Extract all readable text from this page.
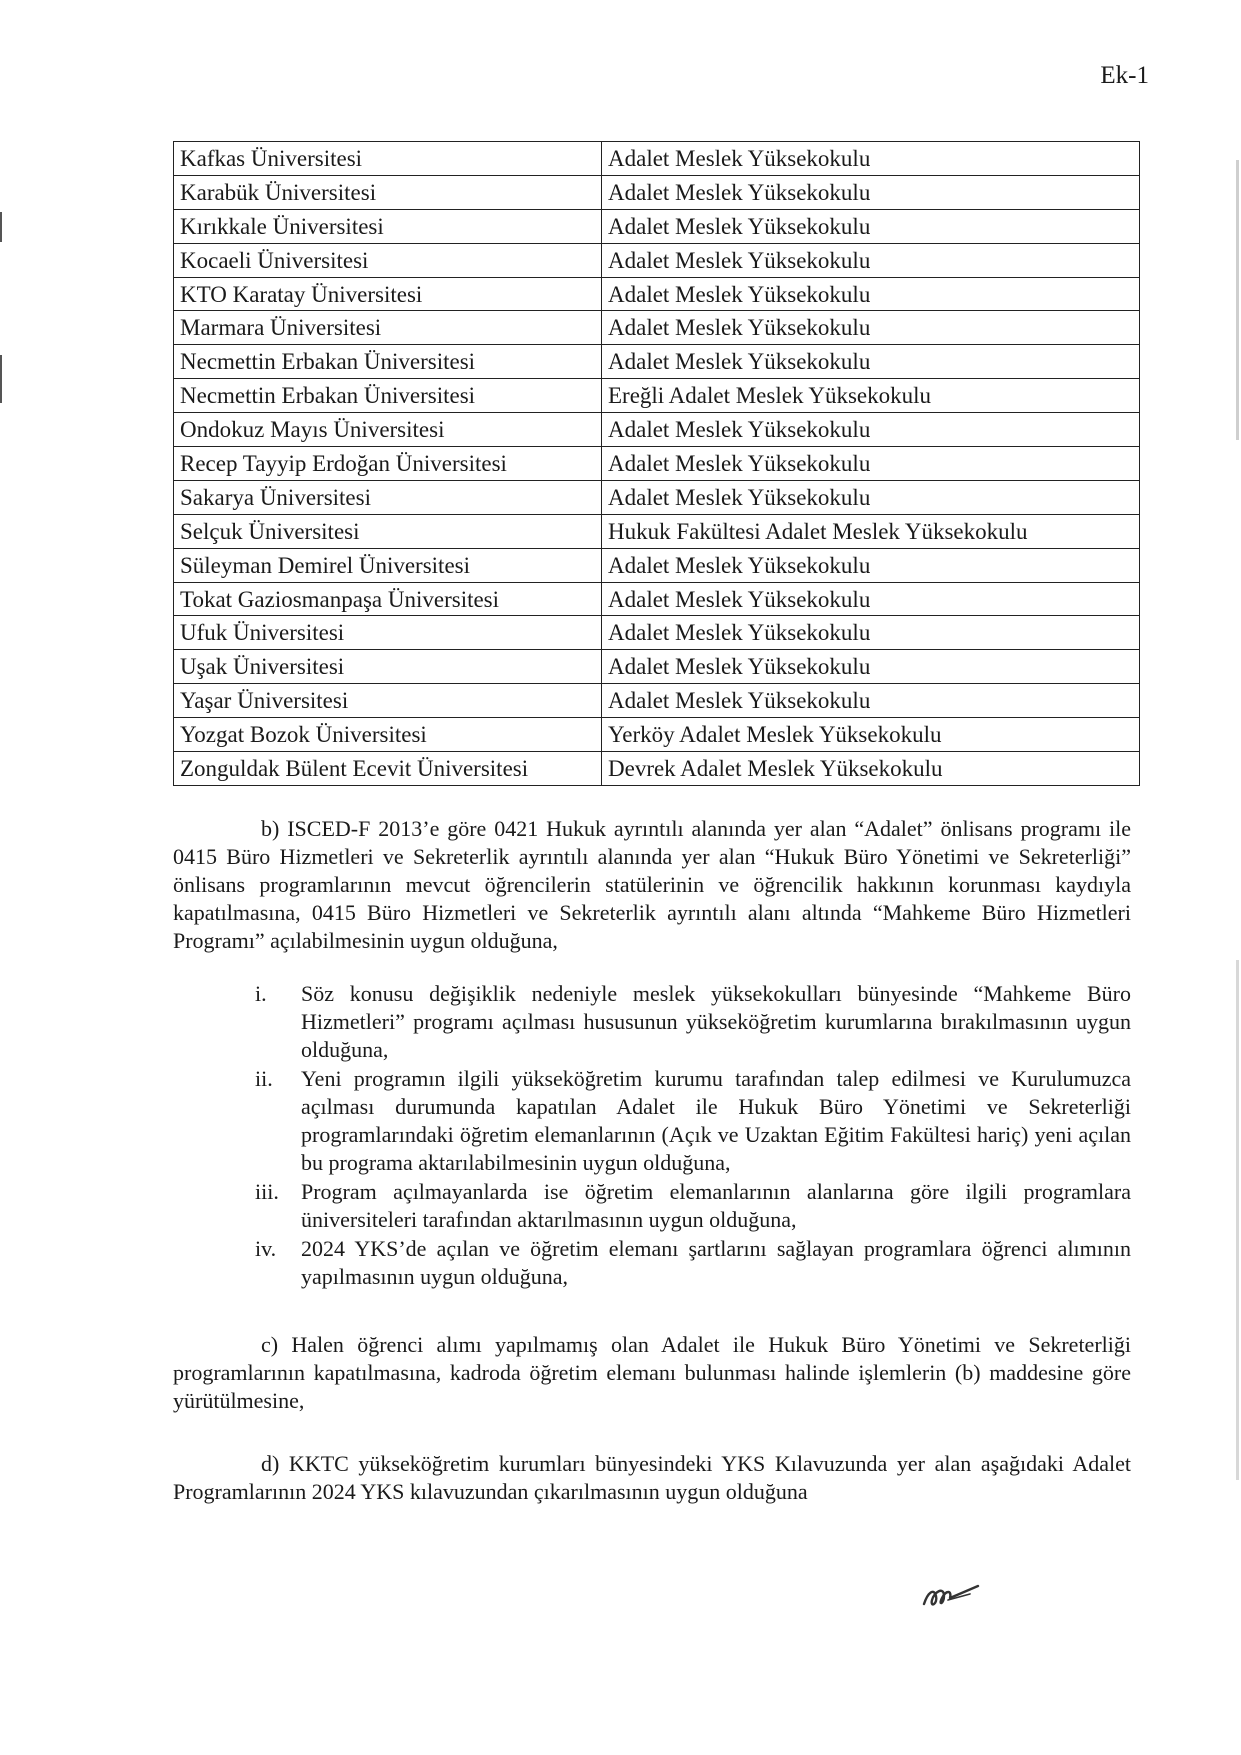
Ek-1
Kafkas Üniversitesi	Adalet Meslek Yüksekokulu
Karabük Üniversitesi	Adalet Meslek Yüksekokulu
Kırıkkale Üniversitesi	Adalet Meslek Yüksekokulu
Kocaeli Üniversitesi	Adalet Meslek Yüksekokulu
KTO Karatay Üniversitesi	Adalet Meslek Yüksekokulu
Marmara Üniversitesi	Adalet Meslek Yüksekokulu
Necmettin Erbakan Üniversitesi	Adalet Meslek Yüksekokulu
Necmettin Erbakan Üniversitesi	Ereğli Adalet Meslek Yüksekokulu
Ondokuz Mayıs Üniversitesi	Adalet Meslek Yüksekokulu
Recep Tayyip Erdoğan Üniversitesi	Adalet Meslek Yüksekokulu
Sakarya Üniversitesi	Adalet Meslek Yüksekokulu
Selçuk Üniversitesi	Hukuk Fakültesi Adalet Meslek Yüksekokulu
Süleyman Demirel Üniversitesi	Adalet Meslek Yüksekokulu
Tokat Gaziosmanpaşa Üniversitesi	Adalet Meslek Yüksekokulu
Ufuk Üniversitesi	Adalet Meslek Yüksekokulu
Uşak Üniversitesi	Adalet Meslek Yüksekokulu
Yaşar Üniversitesi	Adalet Meslek Yüksekokulu
Yozgat Bozok Üniversitesi	Yerköy Adalet Meslek Yüksekokulu
Zonguldak Bülent Ecevit Üniversitesi	Devrek Adalet Meslek Yüksekokulu
b) ISCED-F 2013’e göre 0421 Hukuk ayrıntılı alanında yer alan “Adalet” önlisans programı ile 0415 Büro Hizmetleri ve Sekreterlik ayrıntılı alanında yer alan “Hukuk Büro Yönetimi ve Sekreterliği” önlisans programlarının mevcut öğrencilerin statülerinin ve öğrencilik hakkının korunması kaydıyla kapatılmasına, 0415 Büro Hizmetleri ve Sekreterlik ayrıntılı alanı altında “Mahkeme Büro Hizmetleri Programı” açılabilmesinin uygun olduğuna,
i. Söz konusu değişiklik nedeniyle meslek yüksekokulları bünyesinde “Mahkeme Büro Hizmetleri” programı açılması hususunun yükseköğretim kurumlarına bırakılmasının uygun olduğuna,
ii. Yeni programın ilgili yükseköğretim kurumu tarafından talep edilmesi ve Kurulumuzca açılması durumunda kapatılan Adalet ile Hukuk Büro Yönetimi ve Sekreterliği programlarındaki öğretim elemanlarının (Açık ve Uzaktan Eğitim Fakültesi hariç) yeni açılan bu programa aktarılabilmesinin uygun olduğuna,
iii. Program açılmayanlarda ise öğretim elemanlarının alanlarına göre ilgili programlara üniversiteleri tarafından aktarılmasının uygun olduğuna,
iv. 2024 YKS’de açılan ve öğretim elemanı şartlarını sağlayan programlara öğrenci alımının yapılmasının uygun olduğuna,
c) Halen öğrenci alımı yapılmamış olan Adalet ile Hukuk Büro Yönetimi ve Sekreterliği programlarının kapatılmasına, kadroda öğretim elemanı bulunması halinde işlemlerin (b) maddesine göre yürütülmesine,
d) KKTC yükseköğretim kurumları bünyesindeki YKS Kılavuzunda yer alan aşağıdaki Adalet Programlarının 2024 YKS kılavuzundan çıkarılmasının uygun olduğuna
